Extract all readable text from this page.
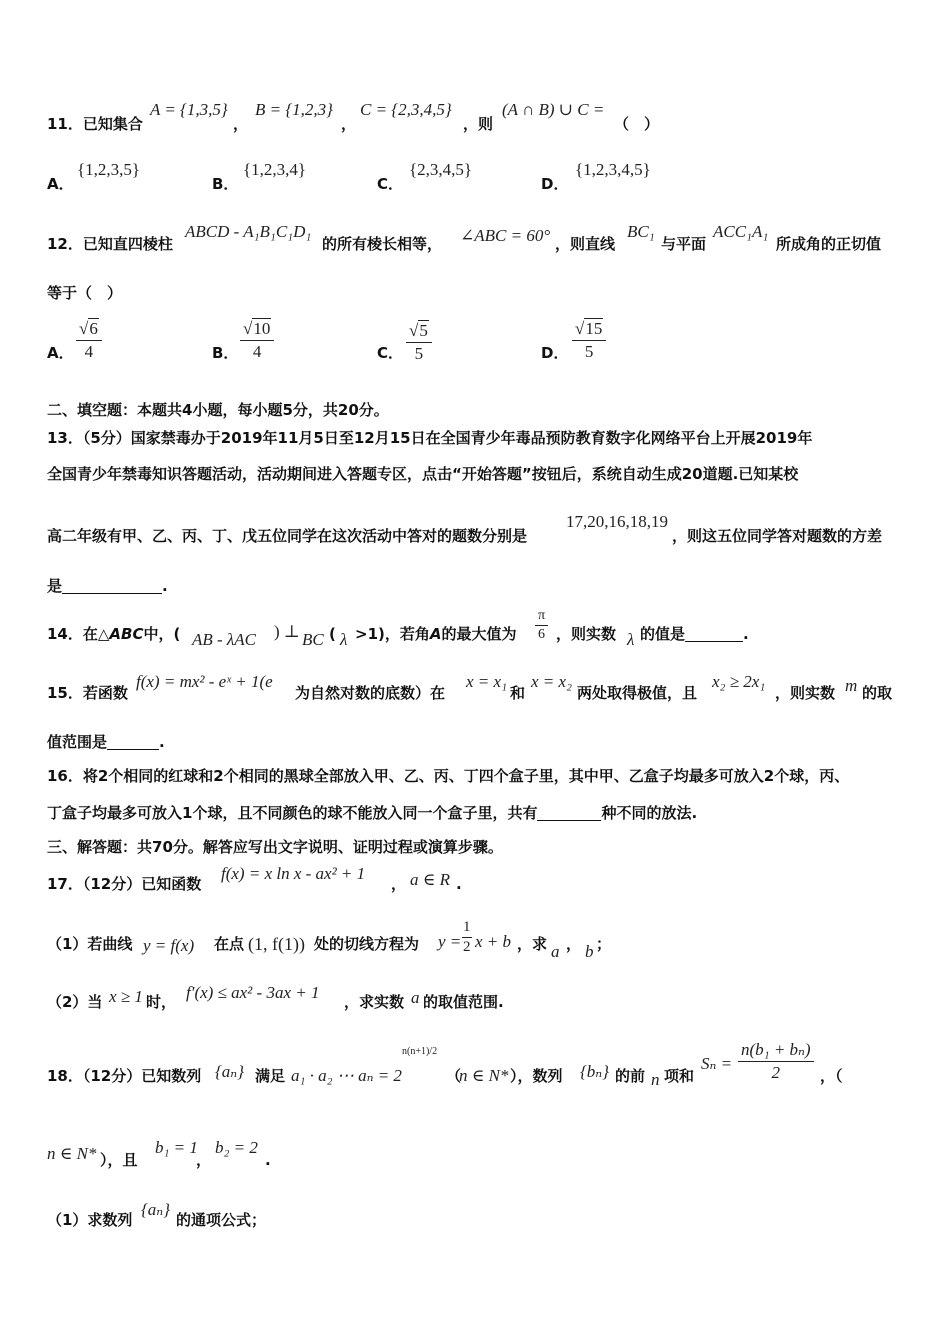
11．已知集合
A = {1,3,5}
，
B = {1,2,3}
，
C = {2,3,4,5}
，则
(A ∩ B) ∪ C =
（　）
A．
{1,2,3,5}
B．
{1,2,3,4}
C．
{2,3,4,5}
D．
{1,2,3,4,5}
12．已知直四棱柱
ABCD - A₁B₁C₁D₁
的所有棱长相等， ∠ABC = 60° ，则直线
BC₁
与平面
ACC₁A₁
所成角的正切值
等于（　）
A． $\frac{√6}{4}$	B． $\frac{√10}{4}$	C． $\frac{√5}{5}$	D． $\frac{√15}{5}$
二、填空题：本题共4小题，每小题5分，共20分。
13．（5分）国家禁毒办于2019年11月5日至12月15日在全国青少年毒品预防教育数字化网络平台上开展2019年
全国青少年禁毒知识答题活动，活动期间进入答题专区，点击“开始答题”按钮后，系统自动生成20道题.已知某校
高二年级有甲、乙、丙、丁、戊五位同学在这次活动中答对的题数分别是
17,20,16,18,19
，则这五位同学答对题数的方差
是	.
14．在△ABC中，( AB - λAC ) ⊥ BC ( λ >1)，若角A的最大值为 $\frac{\pi}{6}$ ，则实数 λ 的值是	.
15．若函数
f(x) = mx² - eˣ + 1(e
为自然对数的底数）在
x = x₁
和
x = x₂
两处取得极值，且
x₂ ≥ 2x₁
，则实数 m 的取
值范围是	.
16．将2个相同的红球和2个相同的黑球全部放入甲、乙、丙、丁四个盒子里，其中甲、乙盒子均最多可放入2个球，丙、
丁盒子均最多可放入1个球，且不同颜色的球不能放入同一个盒子里，共有	种不同的放法.
三、解答题：共70分。解答应写出文字说明、证明过程或演算步骤。
17．（12分）已知函数
f(x) = x ln x - ax² + 1
， a ∈ R .
（1）若曲线 y = f(x) 在点 (1, f(1)) 处的切线方程为 $y = \frac{1}{2}$ x + b ，求 a ， b ；
（2）当 x ≥ 1 时， f′(x) ≤ ax² - 3ax + 1 ，求实数 a 的取值范围.
18．（12分）已知数列 {aₙ} 满足 a₁ · a₂ ⋯ aₙ = 2
n(n+1)/2
（
n ∈ N* ），数列 {bₙ} 的前 n 项和
$S_n = \frac{\text{n(b₁ + bₙ)}}{2}$ ，（
n ∈ N* ），且
b₁ = 1
，
b₂ = 2
.
（1）求数列
{aₙ}
的通项公式；
